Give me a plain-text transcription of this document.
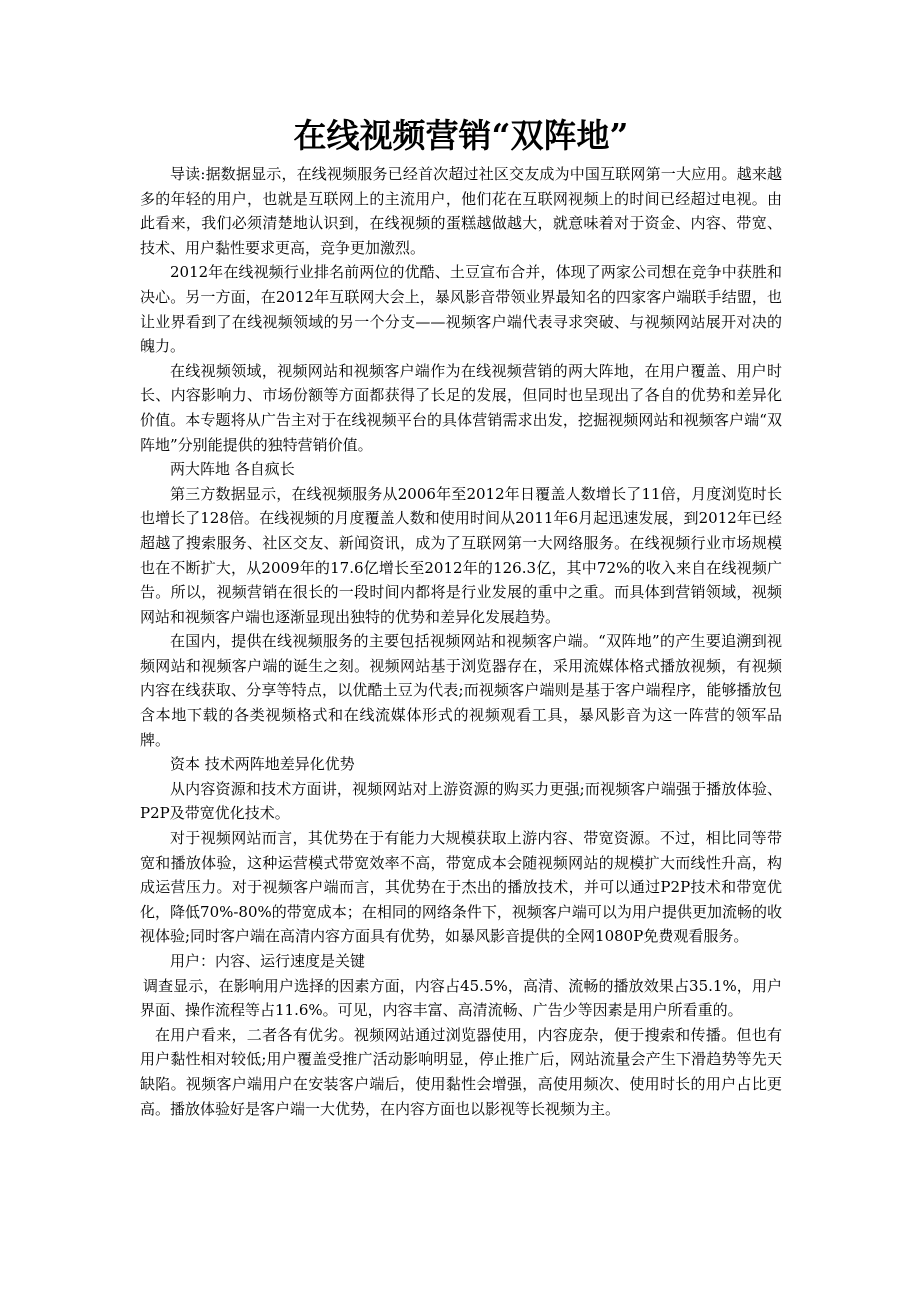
在线视频营销“双阵地”

导读:据数据显示，在线视频服务已经首次超过社区交友成为中国互联网第一大应用。越来越多的年轻的用户，也就是互联网上的主流用户，他们花在互联网视频上的时间已经超过电视。由此看来，我们必须清楚地认识到，在线视频的蛋糕越做越大，就意味着对于资金、内容、带宽、技术、用户黏性要求更高，竞争更加激烈。

2012年在线视频行业排名前两位的优酷、土豆宣布合并，体现了两家公司想在竞争中获胜和决心。另一方面，在2012年互联网大会上，暴风影音带领业界最知名的四家客户端联手结盟，也让业界看到了在线视频领域的另一个分支——视频客户端代表寻求突破、与视频网站展开对决的魄力。

在线视频领域，视频网站和视频客户端作为在线视频营销的两大阵地，在用户覆盖、用户时长、内容影响力、市场份额等方面都获得了长足的发展，但同时也呈现出了各自的优势和差异化价值。本专题将从广告主对于在线视频平台的具体营销需求出发，挖掘视频网站和视频客户端“双阵地”分别能提供的独特营销价值。

两大阵地 各自疯长

第三方数据显示，在线视频服务从2006年至2012年日覆盖人数增长了11倍，月度浏览时长也增长了128倍。在线视频的月度覆盖人数和使用时间从2011年6月起迅速发展，到2012年已经超越了搜索服务、社区交友、新闻资讯，成为了互联网第一大网络服务。在线视频行业市场规模也在不断扩大，从2009年的17.6亿增长至2012年的126.3亿，其中72%的收入来自在线视频广告。所以，视频营销在很长的一段时间内都将是行业发展的重中之重。而具体到营销领域，视频网站和视频客户端也逐渐显现出独特的优势和差异化发展趋势。

在国内，提供在线视频服务的主要包括视频网站和视频客户端。“双阵地”的产生要追溯到视频网站和视频客户端的诞生之刻。视频网站基于浏览器存在，采用流媒体格式播放视频，有视频内容在线获取、分享等特点，以优酷土豆为代表;而视频客户端则是基于客户端程序，能够播放包含本地下载的各类视频格式和在线流媒体形式的视频观看工具，暴风影音为这一阵营的领军品牌。

资本 技术两阵地差异化优势

从内容资源和技术方面讲，视频网站对上游资源的购买力更强;而视频客户端强于播放体验、P2P及带宽优化技术。

对于视频网站而言，其优势在于有能力大规模获取上游内容、带宽资源。不过，相比同等带宽和播放体验，这种运营模式带宽效率不高，带宽成本会随视频网站的规模扩大而线性升高，构成运营压力。对于视频客户端而言，其优势在于杰出的播放技术，并可以通过P2P技术和带宽优化，降低70%-80%的带宽成本；在相同的网络条件下，视频客户端可以为用户提供更加流畅的收视体验;同时客户端在高清内容方面具有优势，如暴风影音提供的全网1080P免费观看服务。

用户：内容、运行速度是关键

调查显示，在影响用户选择的因素方面，内容占45.5%，高清、流畅的播放效果占35.1%，用户界面、操作流程等占11.6%。可见，内容丰富、高清流畅、广告少等因素是用户所看重的。

在用户看来，二者各有优劣。视频网站通过浏览器使用，内容庞杂，便于搜索和传播。但也有用户黏性相对较低;用户覆盖受推广活动影响明显，停止推广后，网站流量会产生下滑趋势等先天缺陷。视频客户端用户在安装客户端后，使用黏性会增强，高使用频次、使用时长的用户占比更高。播放体验好是客户端一大优势，在内容方面也以影视等长视频为主。
